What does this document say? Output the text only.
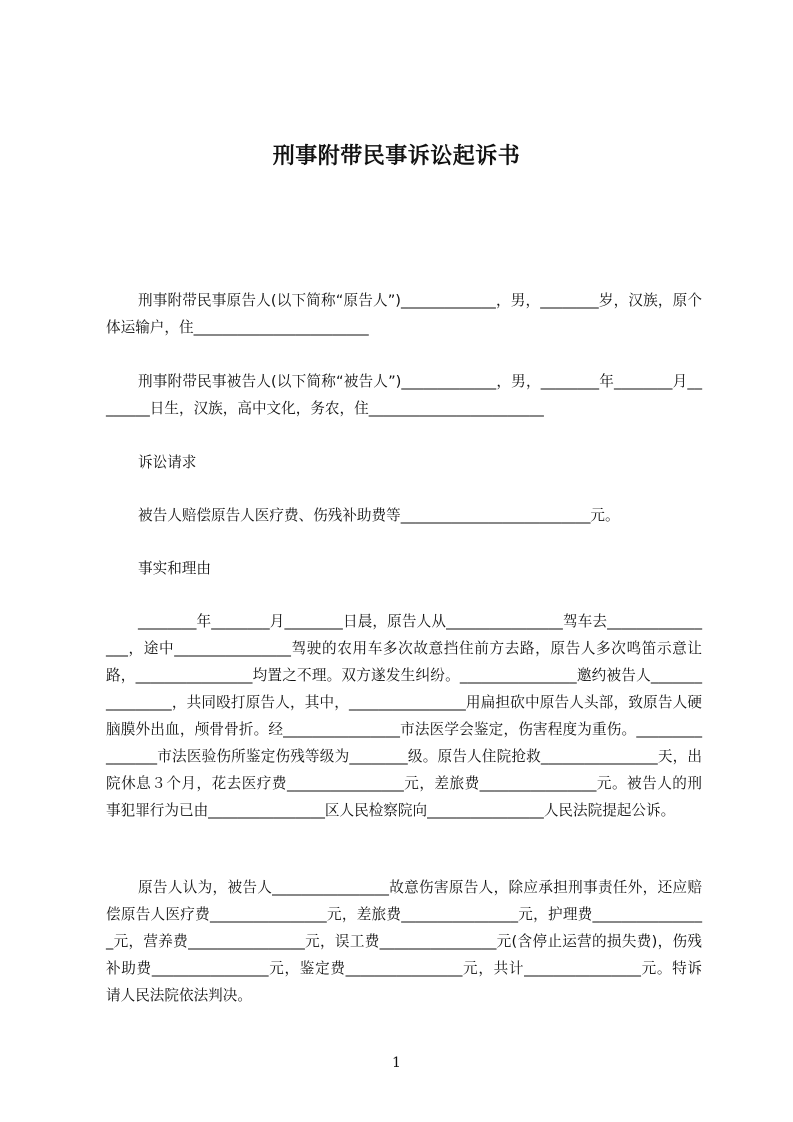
刑事附带民事诉讼起诉书

刑事附带民事原告人(以下简称“原告人”)_____________，男，________岁，汉族，原个体运输户，住________________________

刑事附带民事被告人(以下简称“被告人”)_____________，男，________年________月________日生，汉族，高中文化，务农，住________________________

诉讼请求

被告人赔偿原告人医疗费、伤残补助费等__________________________元。

事实和理由

________年________月________日晨，原告人从________________驾车去________________，途中________________驾驶的农用车多次故意挡住前方去路，原告人多次鸣笛示意让路，________________均置之不理。双方遂发生纠纷。________________邀约被告人________________，共同殴打原告人，其中，________________用扁担砍中原告人头部，致原告人硬脑膜外出血，颅骨骨折。经________________市法医学会鉴定，伤害程度为重伤。________________市法医验伤所鉴定伤残等级为________级。原告人住院抢救________________天，出院休息３个月，花去医疗费________________元，差旅费________________元。被告人的刑事犯罪行为已由________________区人民检察院向________________人民法院提起公诉。

原告人认为，被告人________________故意伤害原告人，除应承担刑事责任外，还应赔偿原告人医疗费________________元，差旅费________________元，护理费________________元，营养费________________元，误工费________________元(含停止运营的损失费)，伤残补助费________________元，鉴定费________________元，共计________________元。特诉请人民法院依法判决。

1
